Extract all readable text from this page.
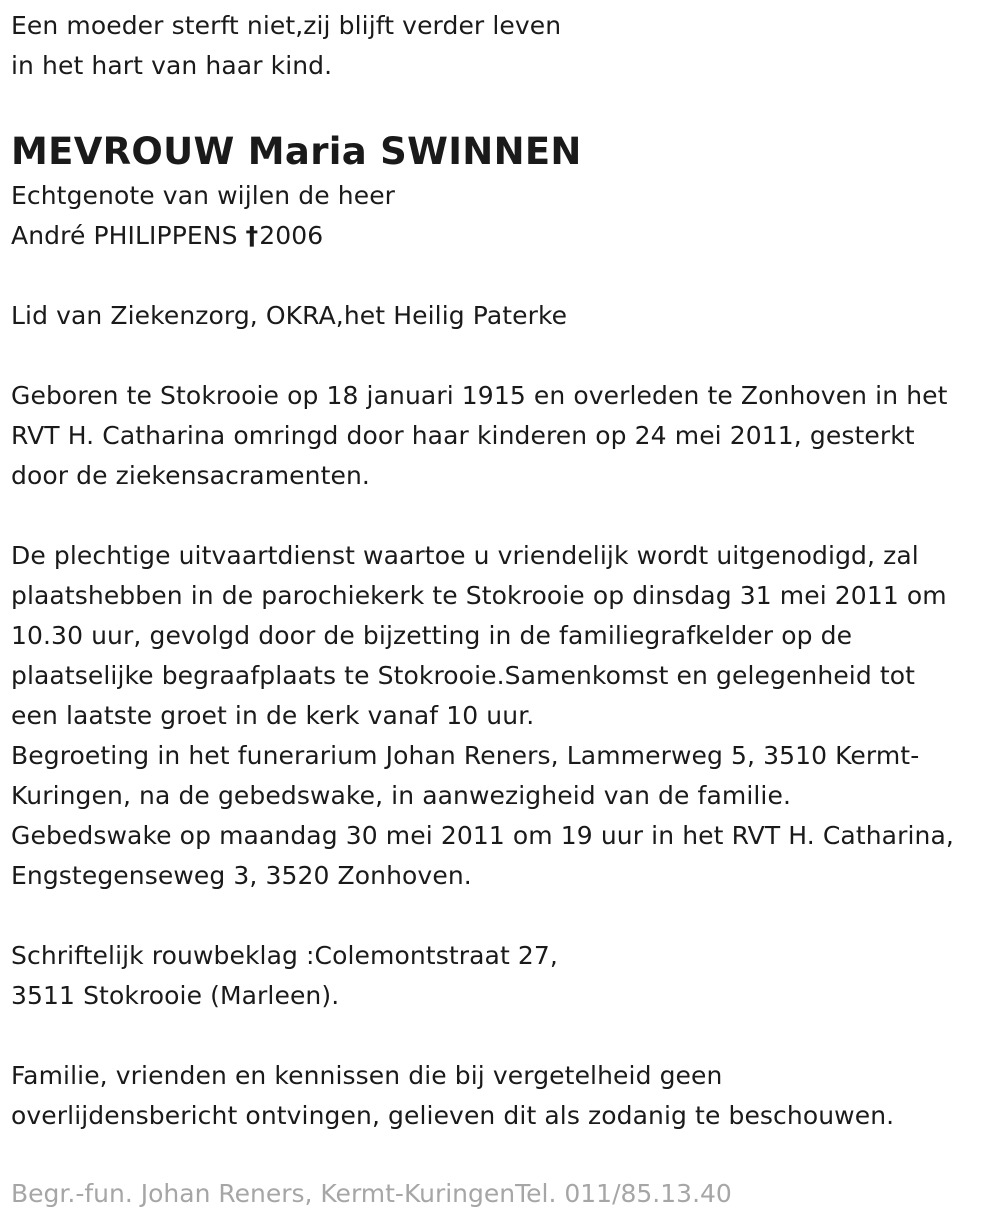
Een moeder sterft niet,zij blijft verder leven
in het hart van haar kind.
MEVROUW Maria SWINNEN
Echtgenote van wijlen de heer
André PHILIPPENS †2006
Lid van Ziekenzorg, OKRA,het Heilig Paterke
Geboren te Stokrooie op 18 januari 1915 en overleden te Zonhoven in het
RVT H. Catharina omringd door haar kinderen op 24 mei 2011, gesterkt
door de ziekensacramenten.
De plechtige uitvaartdienst waartoe u vriendelijk wordt uitgenodigd, zal
plaatshebben in de parochiekerk te Stokrooie op dinsdag 31 mei 2011 om
10.30 uur, gevolgd door de bijzetting in de familiegrafkelder op de
plaatselijke begraafplaats te Stokrooie.Samenkomst en gelegenheid tot
een laatste groet in de kerk vanaf 10 uur.
Begroeting in het funerarium Johan Reners, Lammerweg 5, 3510 Kermt-
Kuringen, na de gebedswake, in aanwezigheid van de familie.
Gebedswake op maandag 30 mei 2011 om 19 uur in het RVT H. Catharina,
Engstegenseweg 3, 3520 Zonhoven.
Schriftelijk rouwbeklag :Colemontstraat 27,
3511 Stokrooie (Marleen).
Familie, vrienden en kennissen die bij vergetelheid geen
overlijdensbericht ontvingen, gelieven dit als zodanig te beschouwen.
Begr.-fun. Johan Reners, Kermt-KuringenTel. 011/85.13.40
